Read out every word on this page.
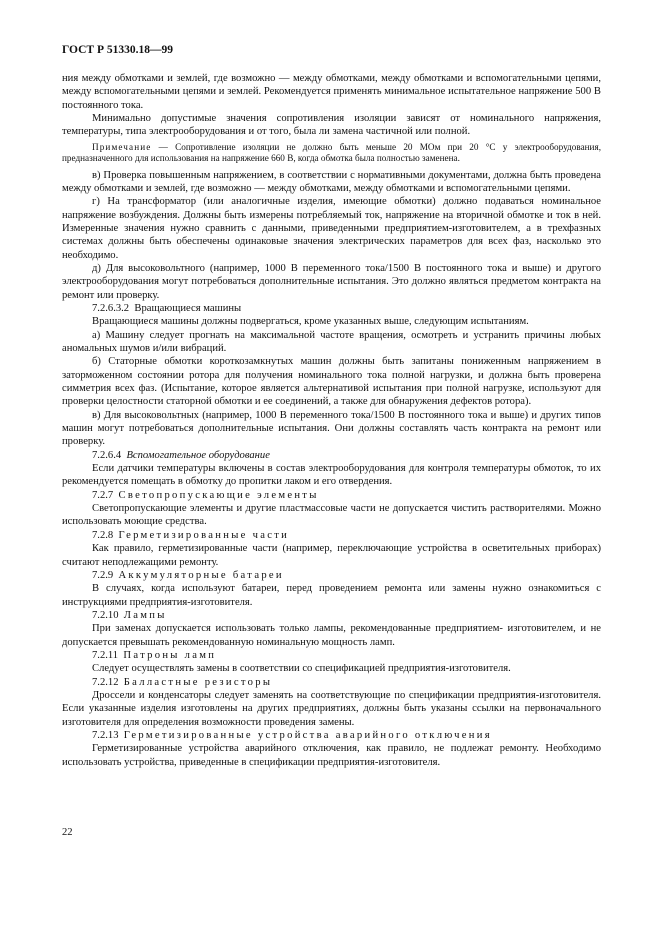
ГОСТ Р 51330.18—99

ния между обмотками и землей, где возможно — между обмотками, между обмотками и вспомогательными цепями, между вспомогательными цепями и землей. Рекомендуется применять минимальное испытательное напряжение 500 В постоянного тока.

Минимально допустимые значения сопротивления изоляции зависят от номинального напряжения, температуры, типа электрооборудования и от того, была ли замена частичной или полной.

Примечание — Сопротивление изоляции не должно быть меньше 20 МОм при 20 °С у электрооборудования, предназначенного для использования на напряжение 660 В, когда обмотка была полностью заменена.

в) Проверка повышенным напряжением, в соответствии с нормативными документами, должна быть проведена между обмотками и землей, где возможно — между обмотками, между обмотками и вспомогательными цепями.

г) На трансформатор (или аналогичные изделия, имеющие обмотки) должно подаваться номинальное напряжение возбуждения. Должны быть измерены потребляемый ток, напряжение на вторичной обмотке и ток в ней. Измеренные значения нужно сравнить с данными, приведенными предприятием-изготовителем, а в трехфазных системах должны быть обеспечены одинаковые значения электрических параметров для всех фаз, насколько это необходимо.

д) Для высоковольтного (например, 1000 В переменного тока/1500 В постоянного тока и выше) и другого электрооборудования могут потребоваться дополнительные испытания. Это должно являться предметом контракта на ремонт или проверку.

7.2.6.3.2 Вращающиеся машины

Вращающиеся машины должны подвергаться, кроме указанных выше, следующим испытаниям.

а) Машину следует прогнать на максимальной частоте вращения, осмотреть и устранить причины любых аномальных шумов и/или вибраций.

б) Статорные обмотки короткозамкнутых машин должны быть запитаны пониженным напряжением в заторможенном состоянии ротора для получения номинального тока полной нагрузки, и должна быть проверена симметрия всех фаз. (Испытание, которое является альтернативой испытания при полной нагрузке, используют для проверки целостности статорной обмотки и ее соединений, а также для обнаружения дефектов ротора).

в) Для высоковольтных (например, 1000 В переменного тока/1500 В постоянного тока и выше) и других типов машин могут потребоваться дополнительные испытания. Они должны составлять часть контракта на ремонт или проверку.

7.2.6.4 Вспомогательное оборудование

Если датчики температуры включены в состав электрооборудования для контроля температуры обмоток, то их рекомендуется помещать в обмотку до пропитки лаком и его отвердения.

7.2.7 Светопропускающие элементы

Светопропускающие элементы и другие пластмассовые части не допускается чистить растворителями. Можно использовать моющие средства.

7.2.8 Герметизированные части

Как правило, герметизированные части (например, переключающие устройства в осветительных приборах) считают неподлежащими ремонту.

7.2.9 Аккумуляторные батареи

В случаях, когда используют батареи, перед проведением ремонта или замены нужно ознакомиться с инструкциями предприятия-изготовителя.

7.2.10 Лампы

При заменах допускается использовать только лампы, рекомендованные предприятием- изготовителем, и не допускается превышать рекомендованную номинальную мощность ламп.

7.2.11 Патроны ламп

Следует осуществлять замены в соответствии со спецификацией предприятия-изготовителя.

7.2.12 Балластные резисторы

Дроссели и конденсаторы следует заменять на соответствующие по спецификации предприятия-изготовителя. Если указанные изделия изготовлены на других предприятиях, должны быть указаны ссылки на первоначального изготовителя для определения возможности проведения замены.

7.2.13 Герметизированные устройства аварийного отключения

Герметизированные устройства аварийного отключения, как правило, не подлежат ремонту. Необходимо использовать устройства, приведенные в спецификации предприятия-изготовителя.

22
